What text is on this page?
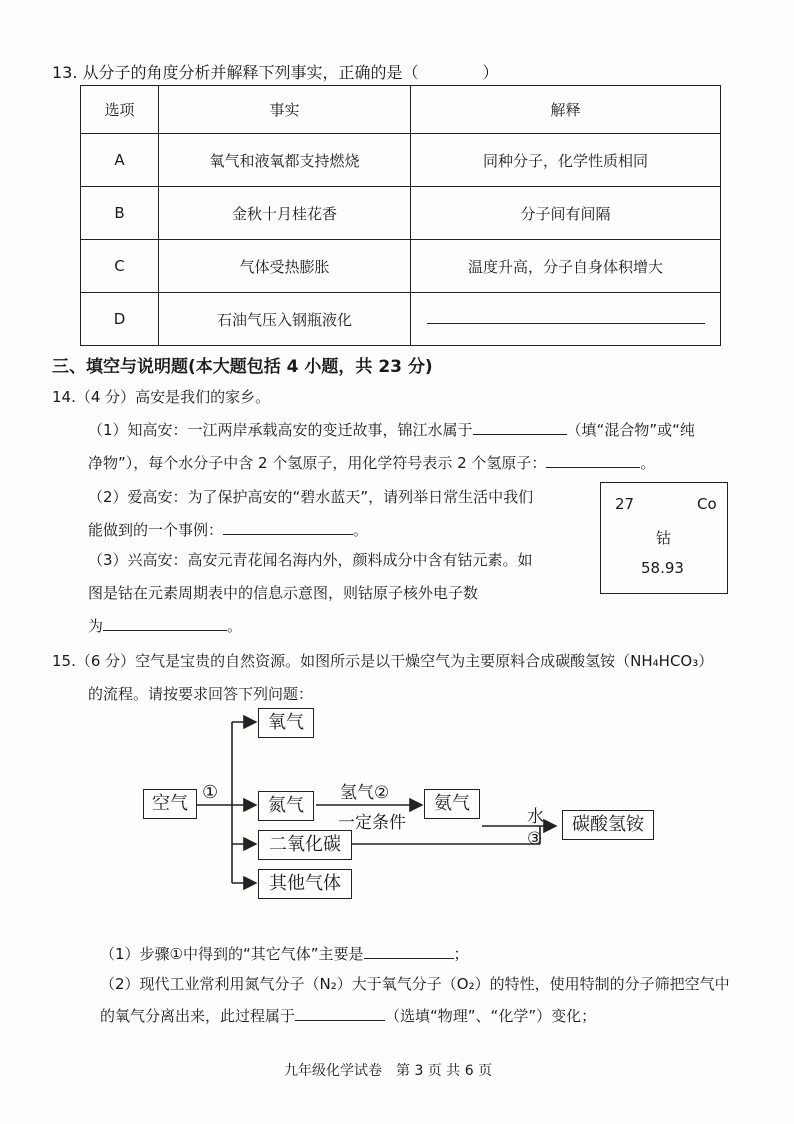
13. 从分子的角度分析并解释下列事实，正确的是（　　　　）
选项	事实	解释
A	氧气和液氧都支持燃烧	同种分子，化学性质相同
B	金秋十月桂花香	分子间有间隔
C	气体受热膨胀	温度升高，分子自身体积增大
D	石油气压入钢瓶液化	
三、填空与说明题(本大题包括 4 小题，共 23 分)
14.（4 分）高安是我们的家乡。
（1）知高安：一江两岸承载高安的变迁故事，锦江水属于	（填“混合物”或“纯
净物”），每个水分子中含 2 个氢原子，用化学符号表示 2 个氢原子：	。
（2）爱高安：为了保护高安的“碧水蓝天”，请列举日常生活中我们
能做到的一个事例：	。
（3）兴高安：高安元青花闻名海内外，颜料成分中含有钴元素。如
图是钴在元素周期表中的信息示意图，则钴原子核外电子数
为	。
27	Co
钴
58.93
15.（6 分）空气是宝贵的自然资源。如图所示是以干燥空气为主要原料合成碳酸氢铵（NH₄HCO₃）
的流程。请按要求回答下列问题：
空气
①
氧气
氮气
二氧化碳
其他气体
氢气②
一定条件
氨气
水
③
碳酸氢铵
（1）步骤①中得到的“其它气体”主要是	；
（2）现代工业常利用氮气分子（N₂）大于氧气分子（O₂）的特性，使用特制的分子筛把空气中
的氧气分离出来，此过程属于	（选填“物理”、“化学”）变化；
九年级化学试卷　第 3 页 共 6 页
